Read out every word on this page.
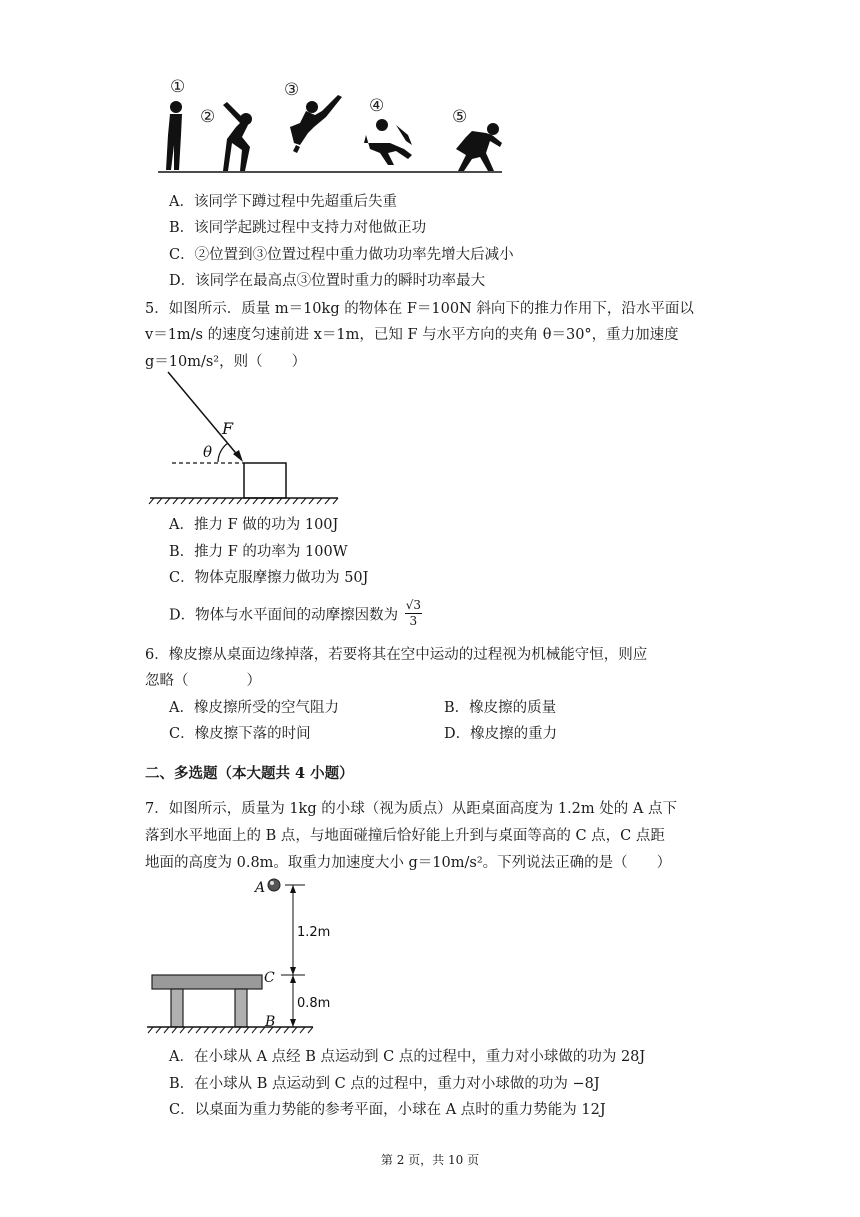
①
②
③
④
⑤
A．该同学下蹲过程中先超重后失重
B．该同学起跳过程中支持力对他做正功
C．②位置到③位置过程中重力做功功率先增大后减小
D．该同学在最高点③位置时重力的瞬时功率最大
5．如图所示．质量 m＝10kg 的物体在 F＝100N 斜向下的推力作用下，沿水平面以
v＝1m/s 的速度匀速前进 x＝1m，已知 F 与水平方向的夹角 θ＝30°，重力加速度
g＝10m/s²，则（　　）
F
θ
A．推力 F 做的功为 100J
B．推力 F 的功率为 100W
C．物体克服摩擦力做功为 50J
D．物体与水平面间的动摩擦因数为 $\frac{√3}{3}$
6．橡皮擦从桌面边缘掉落，若要将其在空中运动的过程视为机械能守恒，则应
忽略（　　　　）
A．橡皮擦所受的空气阻力	B．橡皮擦的质量
C．橡皮擦下落的时间	D．橡皮擦的重力
二、多选题（本大题共 4 小题）
7．如图所示，质量为 1kg 的小球（视为质点）从距桌面高度为 1.2m 处的 A 点下
落到水平地面上的 B 点，与地面碰撞后恰好能上升到与桌面等高的 C 点，C 点距
地面的高度为 0.8m。取重力加速度大小 g＝10m/s²。下列说法正确的是（　　）
A
1.2m
0.8m
C
B
A．在小球从 A 点经 B 点运动到 C 点的过程中，重力对小球做的功为 28J
B．在小球从 B 点运动到 C 点的过程中，重力对小球做的功为 −8J
C．以桌面为重力势能的参考平面，小球在 A 点时的重力势能为 12J
第 2 页，共 10 页
